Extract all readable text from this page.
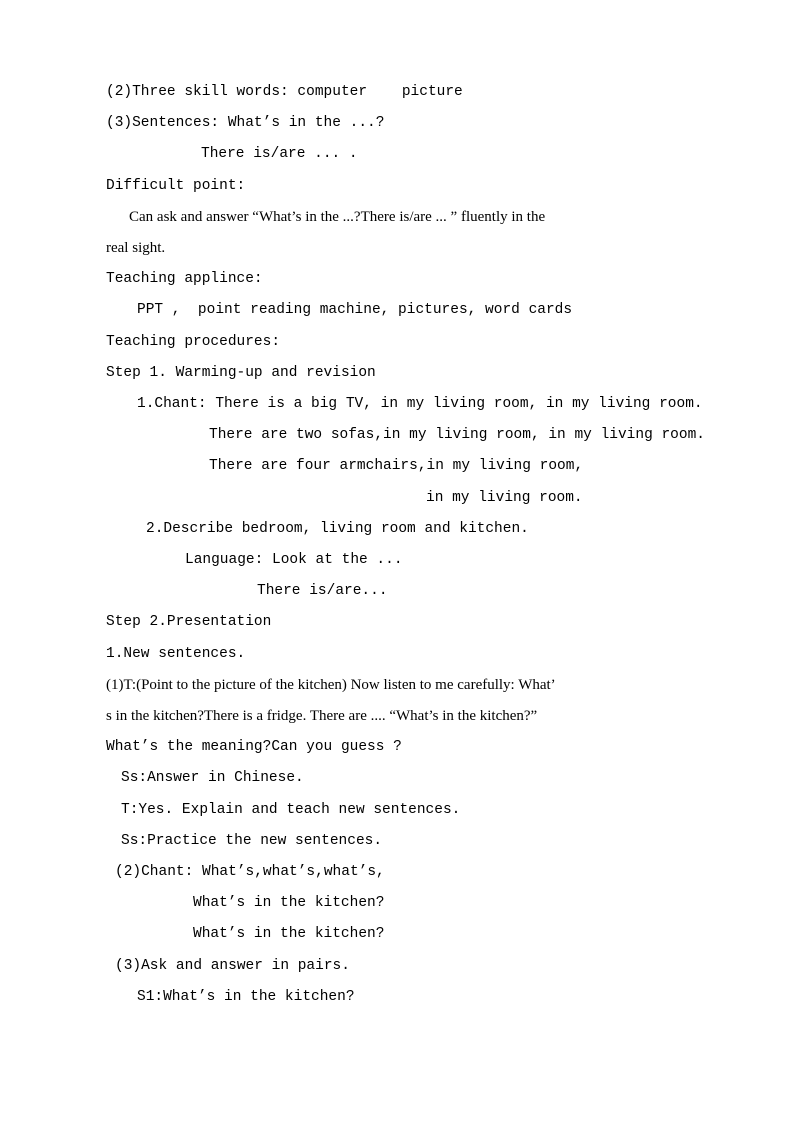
(2)Three skill words: computer    picture
(3)Sentences: What’s in the ...?
There is/are ... .
Difficult point:
Can ask and answer “What’s in the ...?There is/are ... ” fluently in the
real sight.
Teaching applince:
PPT ,  point reading machine, pictures, word cards
Teaching procedures:
Step 1. Warming-up and revision
1.Chant: There is a big TV, in my living room, in my living room.
There are two sofas,in my living room, in my living room.
There are four armchairs,in my living room,
in my living room.
2.Describe bedroom, living room and kitchen.
Language: Look at the ...
There is/are...
Step 2.Presentation
1.New sentences.
(1)T:(Point to the picture of the kitchen) Now listen to me carefully: What’
s in the kitchen?There is a fridge. There are .... “What’s in the kitchen?”
What’s the meaning?Can you guess ?
Ss:Answer in Chinese.
T:Yes. Explain and teach new sentences.
Ss:Practice the new sentences.
(2)Chant: What’s,what’s,what’s,
What’s in the kitchen?
What’s in the kitchen?
(3)Ask and answer in pairs.
S1:What’s in the kitchen?
